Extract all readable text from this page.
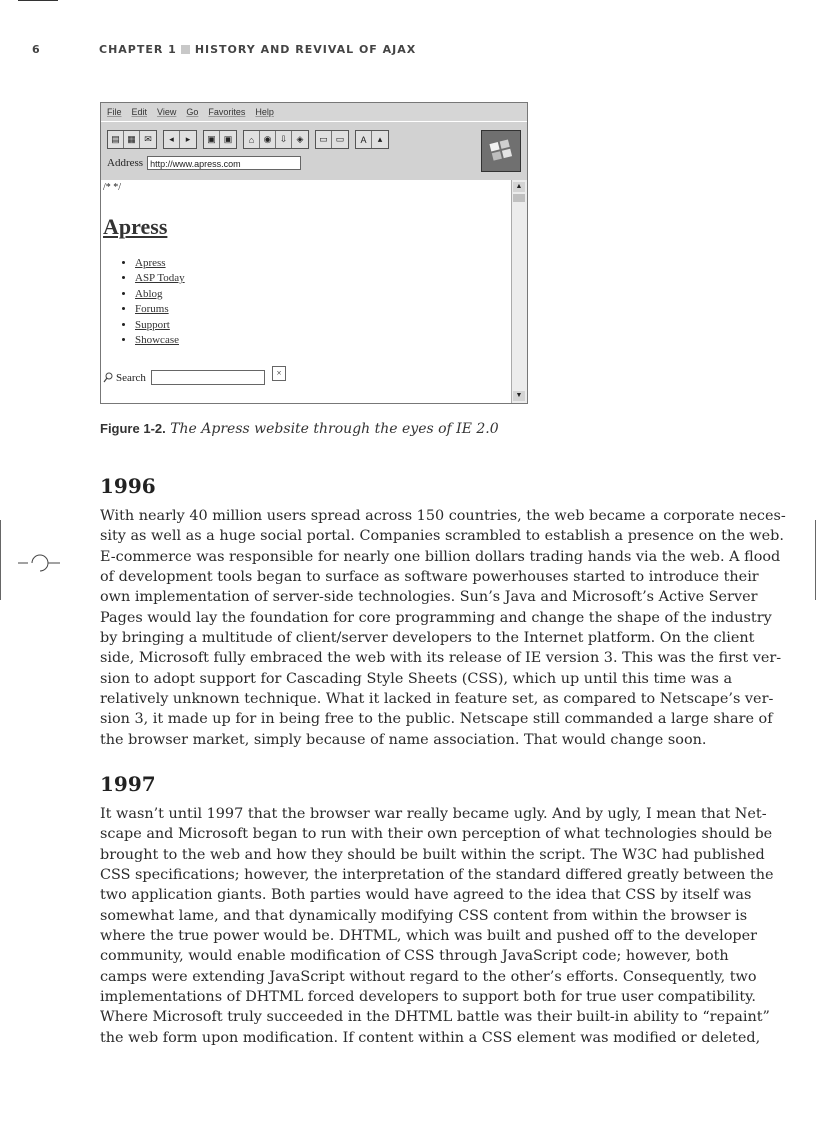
6	CHAPTER 1 HISTORY AND REVIVAL OF AJAX
File Edit View Go Favorites Help
▤ ▦ ✉	◂	▸	▣ ▣	⌂	◉ ⇩	◈	▭ ▭	A	▴
Address http://www.apress.com
/* */
Apress
• Apress
• ASP Today
• Ablog
• Forums
• Support
• Showcase
Search	×
▲
▼
Figure 1-2. The Apress website through the eyes of IE 2.0
1996
With nearly 40 million users spread across 150 countries, the web became a corporate neces-
sity as well as a huge social portal. Companies scrambled to establish a presence on the web.
E-commerce was responsible for nearly one billion dollars trading hands via the web. A flood
of development tools began to surface as software powerhouses started to introduce their
own implementation of server-side technologies. Sun’s Java and Microsoft’s Active Server
Pages would lay the foundation for core programming and change the shape of the industry
by bringing a multitude of client/server developers to the Internet platform. On the client
side, Microsoft fully embraced the web with its release of IE version 3. This was the first ver-
sion to adopt support for Cascading Style Sheets (CSS), which up until this time was a
relatively unknown technique. What it lacked in feature set, as compared to Netscape’s ver-
sion 3, it made up for in being free to the public. Netscape still commanded a large share of
the browser market, simply because of name association. That would change soon.
1997
It wasn’t until 1997 that the browser war really became ugly. And by ugly, I mean that Net-
scape and Microsoft began to run with their own perception of what technologies should be
brought to the web and how they should be built within the script. The W3C had published
CSS specifications; however, the interpretation of the standard differed greatly between the
two application giants. Both parties would have agreed to the idea that CSS by itself was
somewhat lame, and that dynamically modifying CSS content from within the browser is
where the true power would be. DHTML, which was built and pushed off to the developer
community, would enable modification of CSS through JavaScript code; however, both
camps were extending JavaScript without regard to the other’s efforts. Consequently, two
implementations of DHTML forced developers to support both for true user compatibility.
Where Microsoft truly succeeded in the DHTML battle was their built-in ability to “repaint”
the web form upon modification. If content within a CSS element was modified or deleted,
